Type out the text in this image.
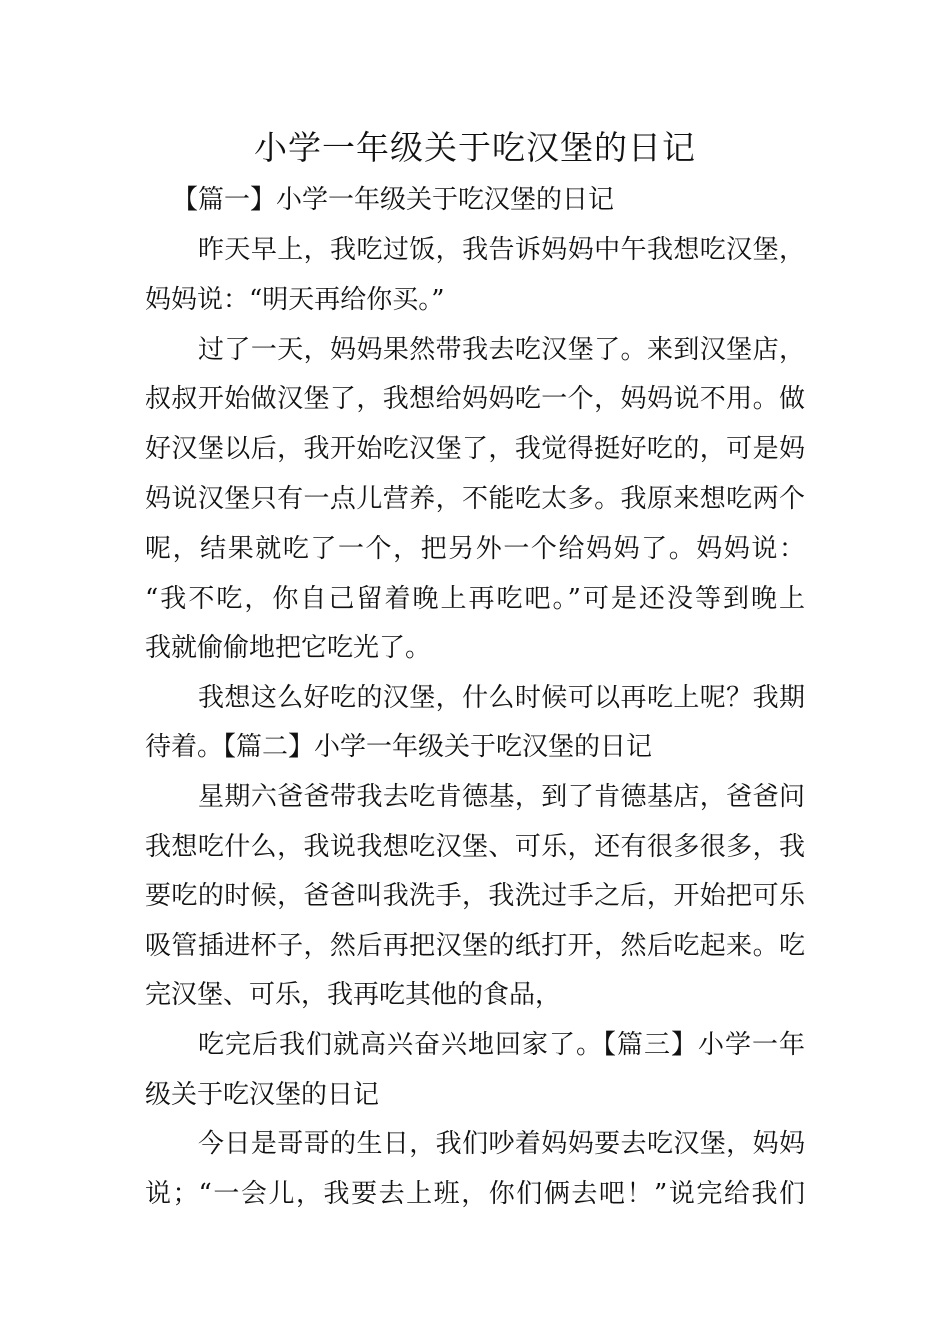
小学一年级关于吃汉堡的日记
【篇一】小学一年级关于吃汉堡的日记
昨天早上，我吃过饭，我告诉妈妈中午我想吃汉堡，
妈妈说：“明天再给你买。”
过了一天，妈妈果然带我去吃汉堡了。来到汉堡店，
叔叔开始做汉堡了，我想给妈妈吃一个，妈妈说不用。做
好汉堡以后，我开始吃汉堡了，我觉得挺好吃的，可是妈
妈说汉堡只有一点儿营养，不能吃太多。我原来想吃两个
呢，结果就吃了一个，把另外一个给妈妈了。妈妈说：
“我不吃，你自己留着晚上再吃吧。”可是还没等到晚上
我就偷偷地把它吃光了。
我想这么好吃的汉堡，什么时候可以再吃上呢？我期
待着。【篇二】小学一年级关于吃汉堡的日记
星期六爸爸带我去吃肯德基，到了肯德基店，爸爸问
我想吃什么，我说我想吃汉堡、可乐，还有很多很多，我
要吃的时候，爸爸叫我洗手，我洗过手之后，开始把可乐
吸管插进杯子，然后再把汉堡的纸打开，然后吃起来。吃
完汉堡、可乐，我再吃其他的食品，
吃完后我们就高兴奋兴地回家了。【篇三】小学一年
级关于吃汉堡的日记
今日是哥哥的生日，我们吵着妈妈要去吃汉堡，妈妈
说；“一会儿，我要去上班，你们俩去吧！”说完给我们
